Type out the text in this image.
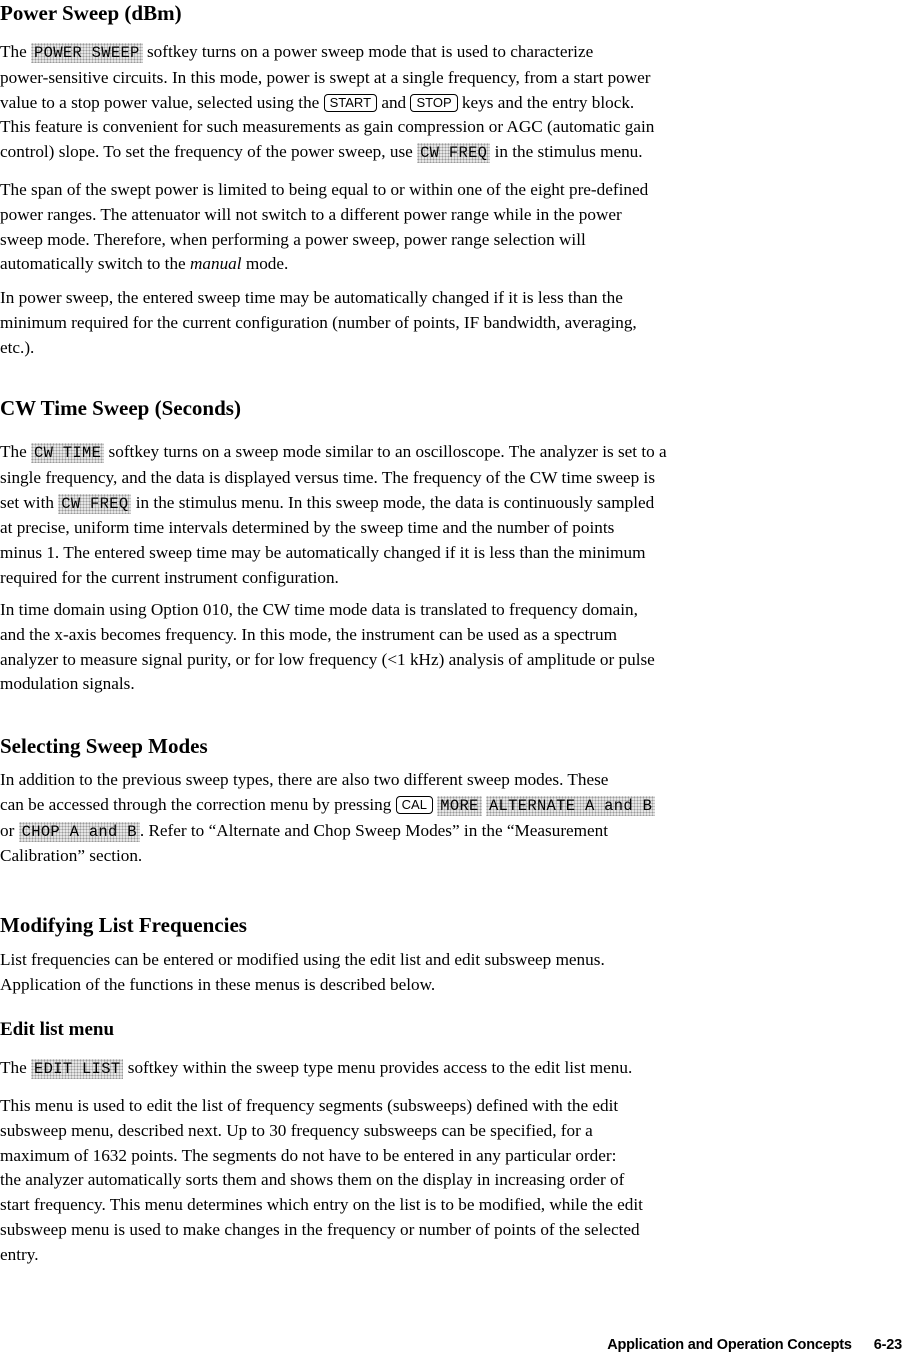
Power Sweep (dBm)

The POWER SWEEP softkey turns on a power sweep mode that is used to characterize
power-sensitive circuits. In this mode, power is swept at a single frequency, from a start power
value to a stop power value, selected using the START and STOP keys and the entry block.
This feature is convenient for such measurements as gain compression or AGC (automatic gain
control) slope. To set the frequency of the power sweep, use CW FREQ in the stimulus menu.

The span of the swept power is limited to being equal to or within one of the eight pre-defined
power ranges. The attenuator will not switch to a different power range while in the power
sweep mode. Therefore, when performing a power sweep, power range selection will
automatically switch to the manual mode.

In power sweep, the entered sweep time may be automatically changed if it is less than the
minimum required for the current configuration (number of points, IF bandwidth, averaging,
etc.).

CW Time Sweep (Seconds)

The CW TIME softkey turns on a sweep mode similar to an oscilloscope. The analyzer is set to a
single frequency, and the data is displayed versus time. The frequency of the CW time sweep is
set with CW FREQ in the stimulus menu. In this sweep mode, the data is continuously sampled
at precise, uniform time intervals determined by the sweep time and the number of points
minus 1. The entered sweep time may be automatically changed if it is less than the minimum
required for the current instrument configuration.

In time domain using Option 010, the CW time mode data is translated to frequency domain,
and the x-axis becomes frequency. In this mode, the instrument can be used as a spectrum
analyzer to measure signal purity, or for low frequency (<1 kHz) analysis of amplitude or pulse
modulation signals.

Selecting Sweep Modes

In addition to the previous sweep types, there are also two different sweep modes. These
can be accessed through the correction menu by pressing CAL MORE ALTERNATE A and B
or CHOP A and B . Refer to “Alternate and Chop Sweep Modes” in the “Measurement
Calibration” section.

Modifying List Frequencies

List frequencies can be entered or modified using the edit list and edit subsweep menus.
Application of the functions in these menus is described below.

Edit list menu

The EDIT LIST softkey within the sweep type menu provides access to the edit list menu.

This menu is used to edit the list of frequency segments (subsweeps) defined with the edit
subsweep menu, described next. Up to 30 frequency subsweeps can be specified, for a
maximum of 1632 points. The segments do not have to be entered in any particular order:
the analyzer automatically sorts them and shows them on the display in increasing order of
start frequency. This menu determines which entry on the list is to be modified, while the edit
subsweep menu is used to make changes in the frequency or number of points of the selected
entry.

Application and Operation Concepts 6-23
